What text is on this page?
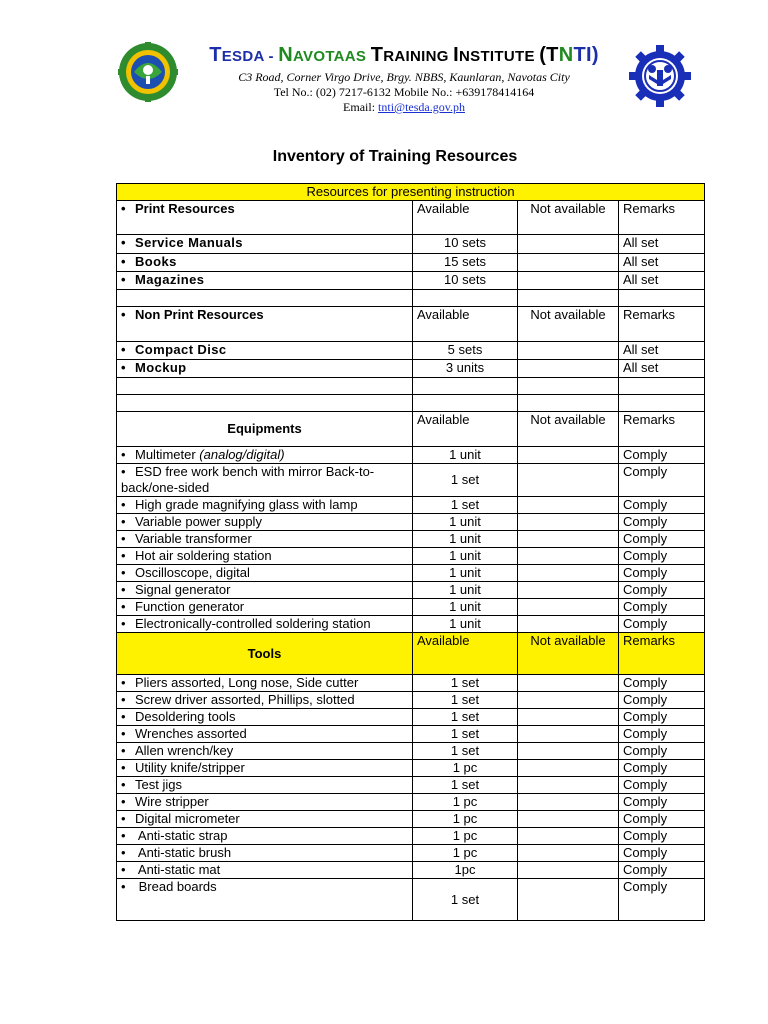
TESDA - NAVOTAAS TRAINING INSTITUTE (TNTI)
C3 Road, Corner Virgo Drive, Brgy. NBBS, Kaunlaran, Navotas City
Tel No.: (02) 7217-6132 Mobile No.: +639178414164
Email: tnti@tesda.gov.ph
Inventory of Training Resources
Resources for presenting instruction			
• Print Resources	Available	Not available	Remarks
• Service Manuals	10 sets		All set
• Books	15 sets		All set
• Magazines	10 sets		All set

• Non Print Resources	Available	Not available	Remarks
• Compact Disc	5 sets		All set
• Mockup	3 units		All set

Equipments	Available	Not available	Remarks
• Multimeter (analog/digital)	1 unit		Comply
• ESD free work bench with mirror Back-to-back/one-sided	1 set		Comply
• High grade magnifying glass with lamp	1 set		Comply
• Variable power supply	1 unit		Comply
• Variable transformer	1 unit		Comply
• Hot air soldering station	1 unit		Comply
• Oscilloscope, digital	1 unit		Comply
• Signal generator	1 unit		Comply
• Function generator	1 unit		Comply
• Electronically-controlled soldering station	1 unit		Comply
Tools	Available	Not available	Remarks
• Pliers assorted, Long nose, Side cutter	1 set		Comply
• Screw driver assorted, Phillips, slotted	1 set		Comply
• Desoldering tools	1 set		Comply
• Wrenches assorted	1 set		Comply
• Allen wrench/key	1 set		Comply
• Utility knife/stripper	1 pc		Comply
• Test jigs	1 set		Comply
• Wire stripper	1 pc		Comply
• Digital micrometer	1 pc		Comply
• Anti-static strap	1 pc		Comply
• Anti-static brush	1 pc		Comply
• Anti-static mat	1pc		Comply
• Bread boards	1 set		Comply
